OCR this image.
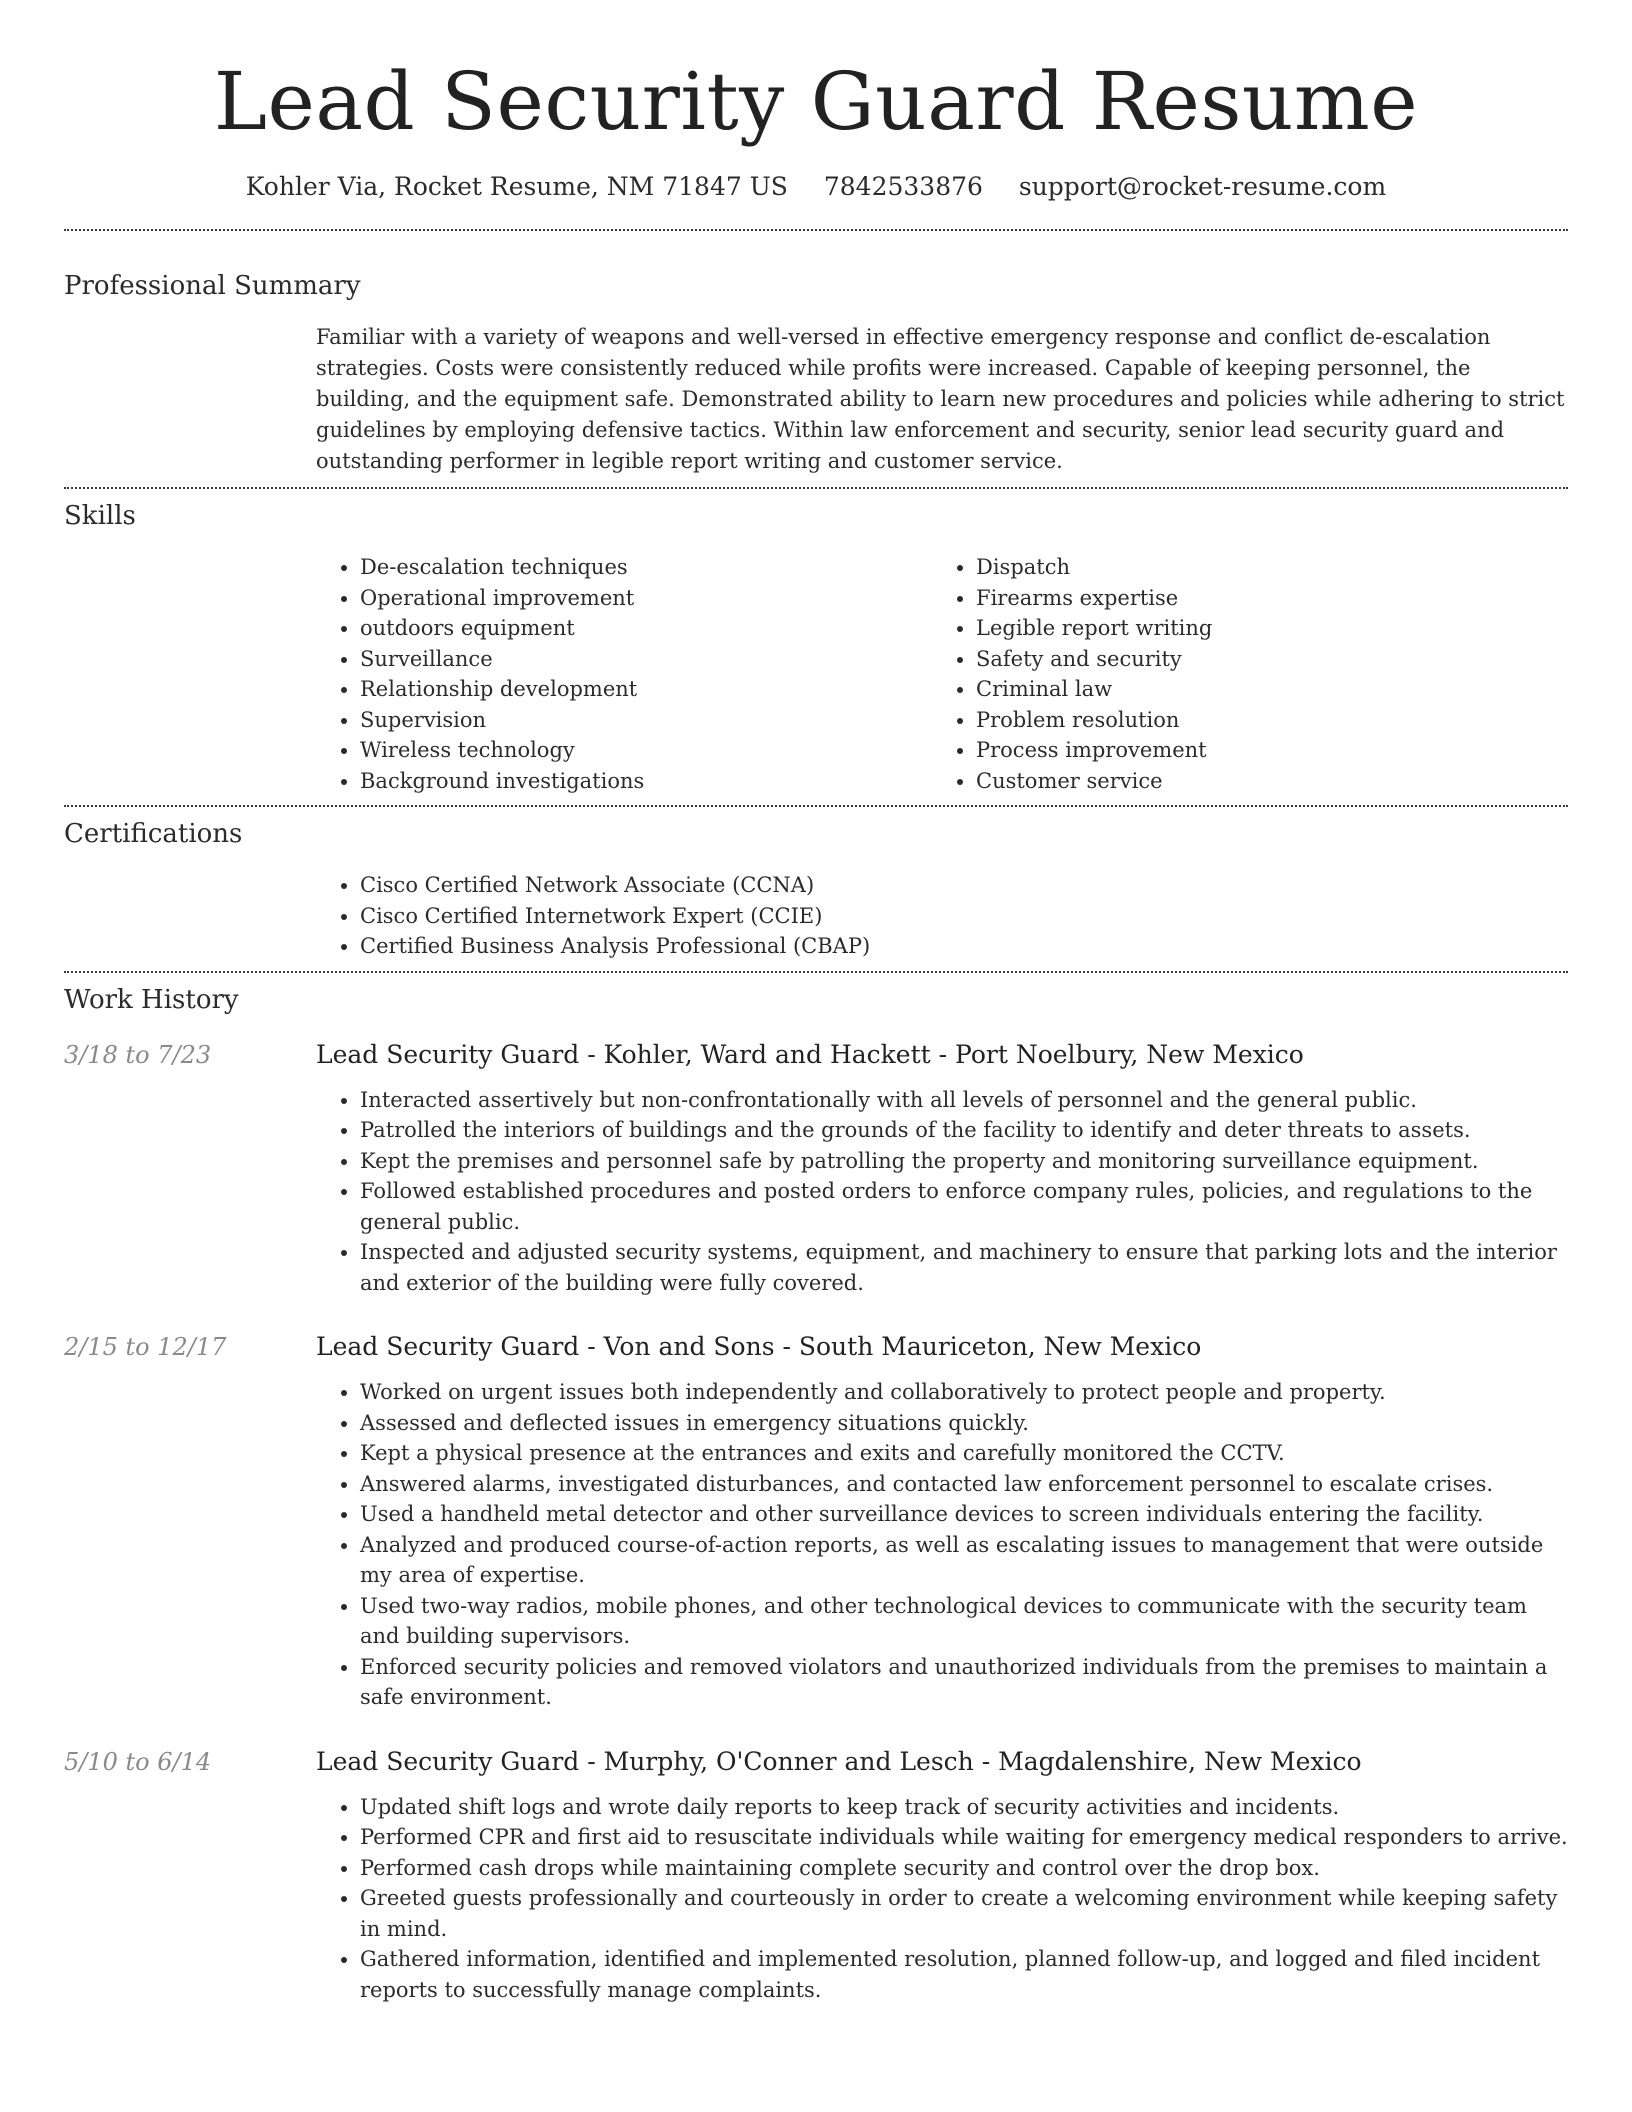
Lead Security Guard Resume
Kohler Via, Rocket Resume, NM 71847 US 7842533876 support@rocket-resume.com
Professional Summary
Familiar with a variety of weapons and well-versed in effective emergency response and conflict de-escalation strategies. Costs were consistently reduced while profits were increased. Capable of keeping personnel, the building, and the equipment safe. Demonstrated ability to learn new procedures and policies while adhering to strict guidelines by employing defensive tactics. Within law enforcement and security, senior lead security guard and outstanding performer in legible report writing and customer service.
Skills
• De-escalation techniques
• Operational improvement
• outdoors equipment
• Surveillance
• Relationship development
• Supervision
• Wireless technology
• Background investigations
• Dispatch
• Firearms expertise
• Legible report writing
• Safety and security
• Criminal law
• Problem resolution
• Process improvement
• Customer service
Certifications
• Cisco Certified Network Associate (CCNA)
• Cisco Certified Internetwork Expert (CCIE)
• Certified Business Analysis Professional (CBAP)
Work History
3/18 to 7/23	Lead Security Guard - Kohler, Ward and Hackett - Port Noelbury, New Mexico
• Interacted assertively but non-confrontationally with all levels of personnel and the general public.
• Patrolled the interiors of buildings and the grounds of the facility to identify and deter threats to assets.
• Kept the premises and personnel safe by patrolling the property and monitoring surveillance equipment.
• Followed established procedures and posted orders to enforce company rules, policies, and regulations to the general public.
• Inspected and adjusted security systems, equipment, and machinery to ensure that parking lots and the interior and exterior of the building were fully covered.
2/15 to 12/17	Lead Security Guard - Von and Sons - South Mauriceton, New Mexico
• Worked on urgent issues both independently and collaboratively to protect people and property.
• Assessed and deflected issues in emergency situations quickly.
• Kept a physical presence at the entrances and exits and carefully monitored the CCTV.
• Answered alarms, investigated disturbances, and contacted law enforcement personnel to escalate crises.
• Used a handheld metal detector and other surveillance devices to screen individuals entering the facility.
• Analyzed and produced course-of-action reports, as well as escalating issues to management that were outside my area of expertise.
• Used two-way radios, mobile phones, and other technological devices to communicate with the security team and building supervisors.
• Enforced security policies and removed violators and unauthorized individuals from the premises to maintain a safe environment.
5/10 to 6/14	Lead Security Guard - Murphy, O'Conner and Lesch - Magdalenshire, New Mexico
• Updated shift logs and wrote daily reports to keep track of security activities and incidents.
• Performed CPR and first aid to resuscitate individuals while waiting for emergency medical responders to arrive.
• Performed cash drops while maintaining complete security and control over the drop box.
• Greeted guests professionally and courteously in order to create a welcoming environment while keeping safety in mind.
• Gathered information, identified and implemented resolution, planned follow-up, and logged and filed incident reports to successfully manage complaints.
